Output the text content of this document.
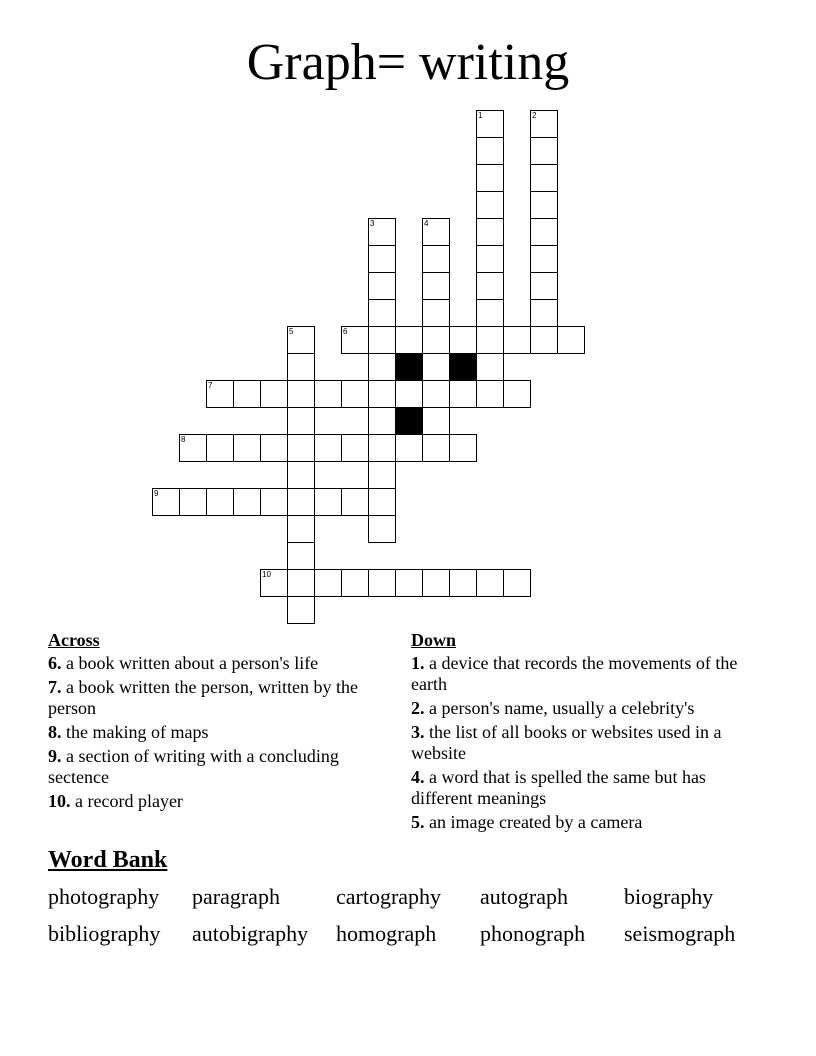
Graph= writing
1	2
3	4
5	6
7
8
9
10
Across
6. a book written about a person's life
7. a book written the person, written by the person
8. the making of maps
9. a section of writing with a concluding sectence
10. a record player
Down
1. a device that records the movements of the earth
2. a person's name, usually a celebrity's
3. the list of all books or websites used in a website
4. a word that is spelled the same but has different meanings
5. an image created by a camera
Word Bank
photography paragraph	cartography autograph	biography
bibliography autobigraphy homograph phonograph seismograph
